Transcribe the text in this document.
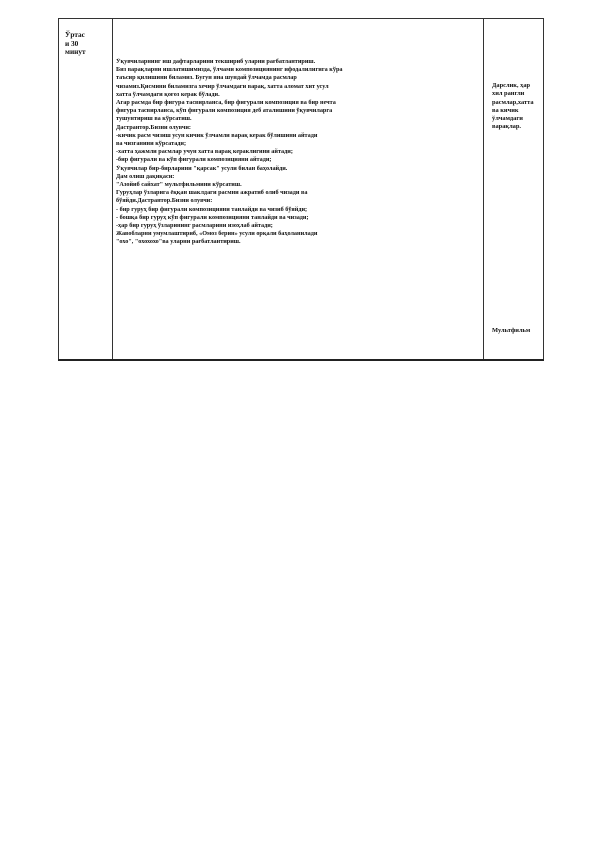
Ўртас
и 30
минут

Ўқувчиларнинг иш дафтарларини текшириб уларни рағбатлантириш.
Биз варақларни ишлатишимизда, ўлчами композициянинг ифодалилигига кўра
таъсир қилишини биламиз. Бугун яна шундай ўлчамда расмлар
чизамиз.Қисмини биламизга хечир ўлчамдаги варақ, хатта аломат хит усул
хатта ўлчамдаги қоғоз керак бўлади.
Агар расмда бир фигура тасвирланса, бир фигурали композиция ва бир нечта
фигура тасвирланса, кўп фигурали композиция деб аталишини ўқувчиларга
тушунтириш ва кўрсатиш.
Дастрантор.Бизни олувчи:
-кичик расм чизиш усун кичик ўлчамли варақ керак бўлишини айтади
ва чизганини кўрсатади;
-хатта ҳажмли расмлар учун хатта варақ кераклигини айтади;
-бир фигурали ва кўп фигурали композицияни айтади;
Ўқувчилар бир-бирларини "қарсак" усули билан баҳолайди.
Дам олиш дақиқаси:
"Азойиб сайхат" мультфильмини кўрсатиш.
Гуруҳлар ўзларига ёққан шаклдаги расмни ажратиб олиб чизади ва
бўяйди.Дастрантор.Бизни олувчи:
- бир гуруҳ бир фигурали композицияни танлайди ва чизиб бўяйди;
- бошқа бир гуруҳ кўп фигурали композицияни танлайди ва чизади;
-ҳар бир гуруҳ ўзларининг расмларини изоҳлаб айтади;
Жавобларни умумлаштириб, «Омоз берин» усули орқали баҳоланилади
"охо", "охохохо"ва уларни рағбатлантириш.

Дарслик, ҳар
хил рангли
расмлар,хатта
ва кичик
ўлчамдаги
варақлар.
Мультфильм
